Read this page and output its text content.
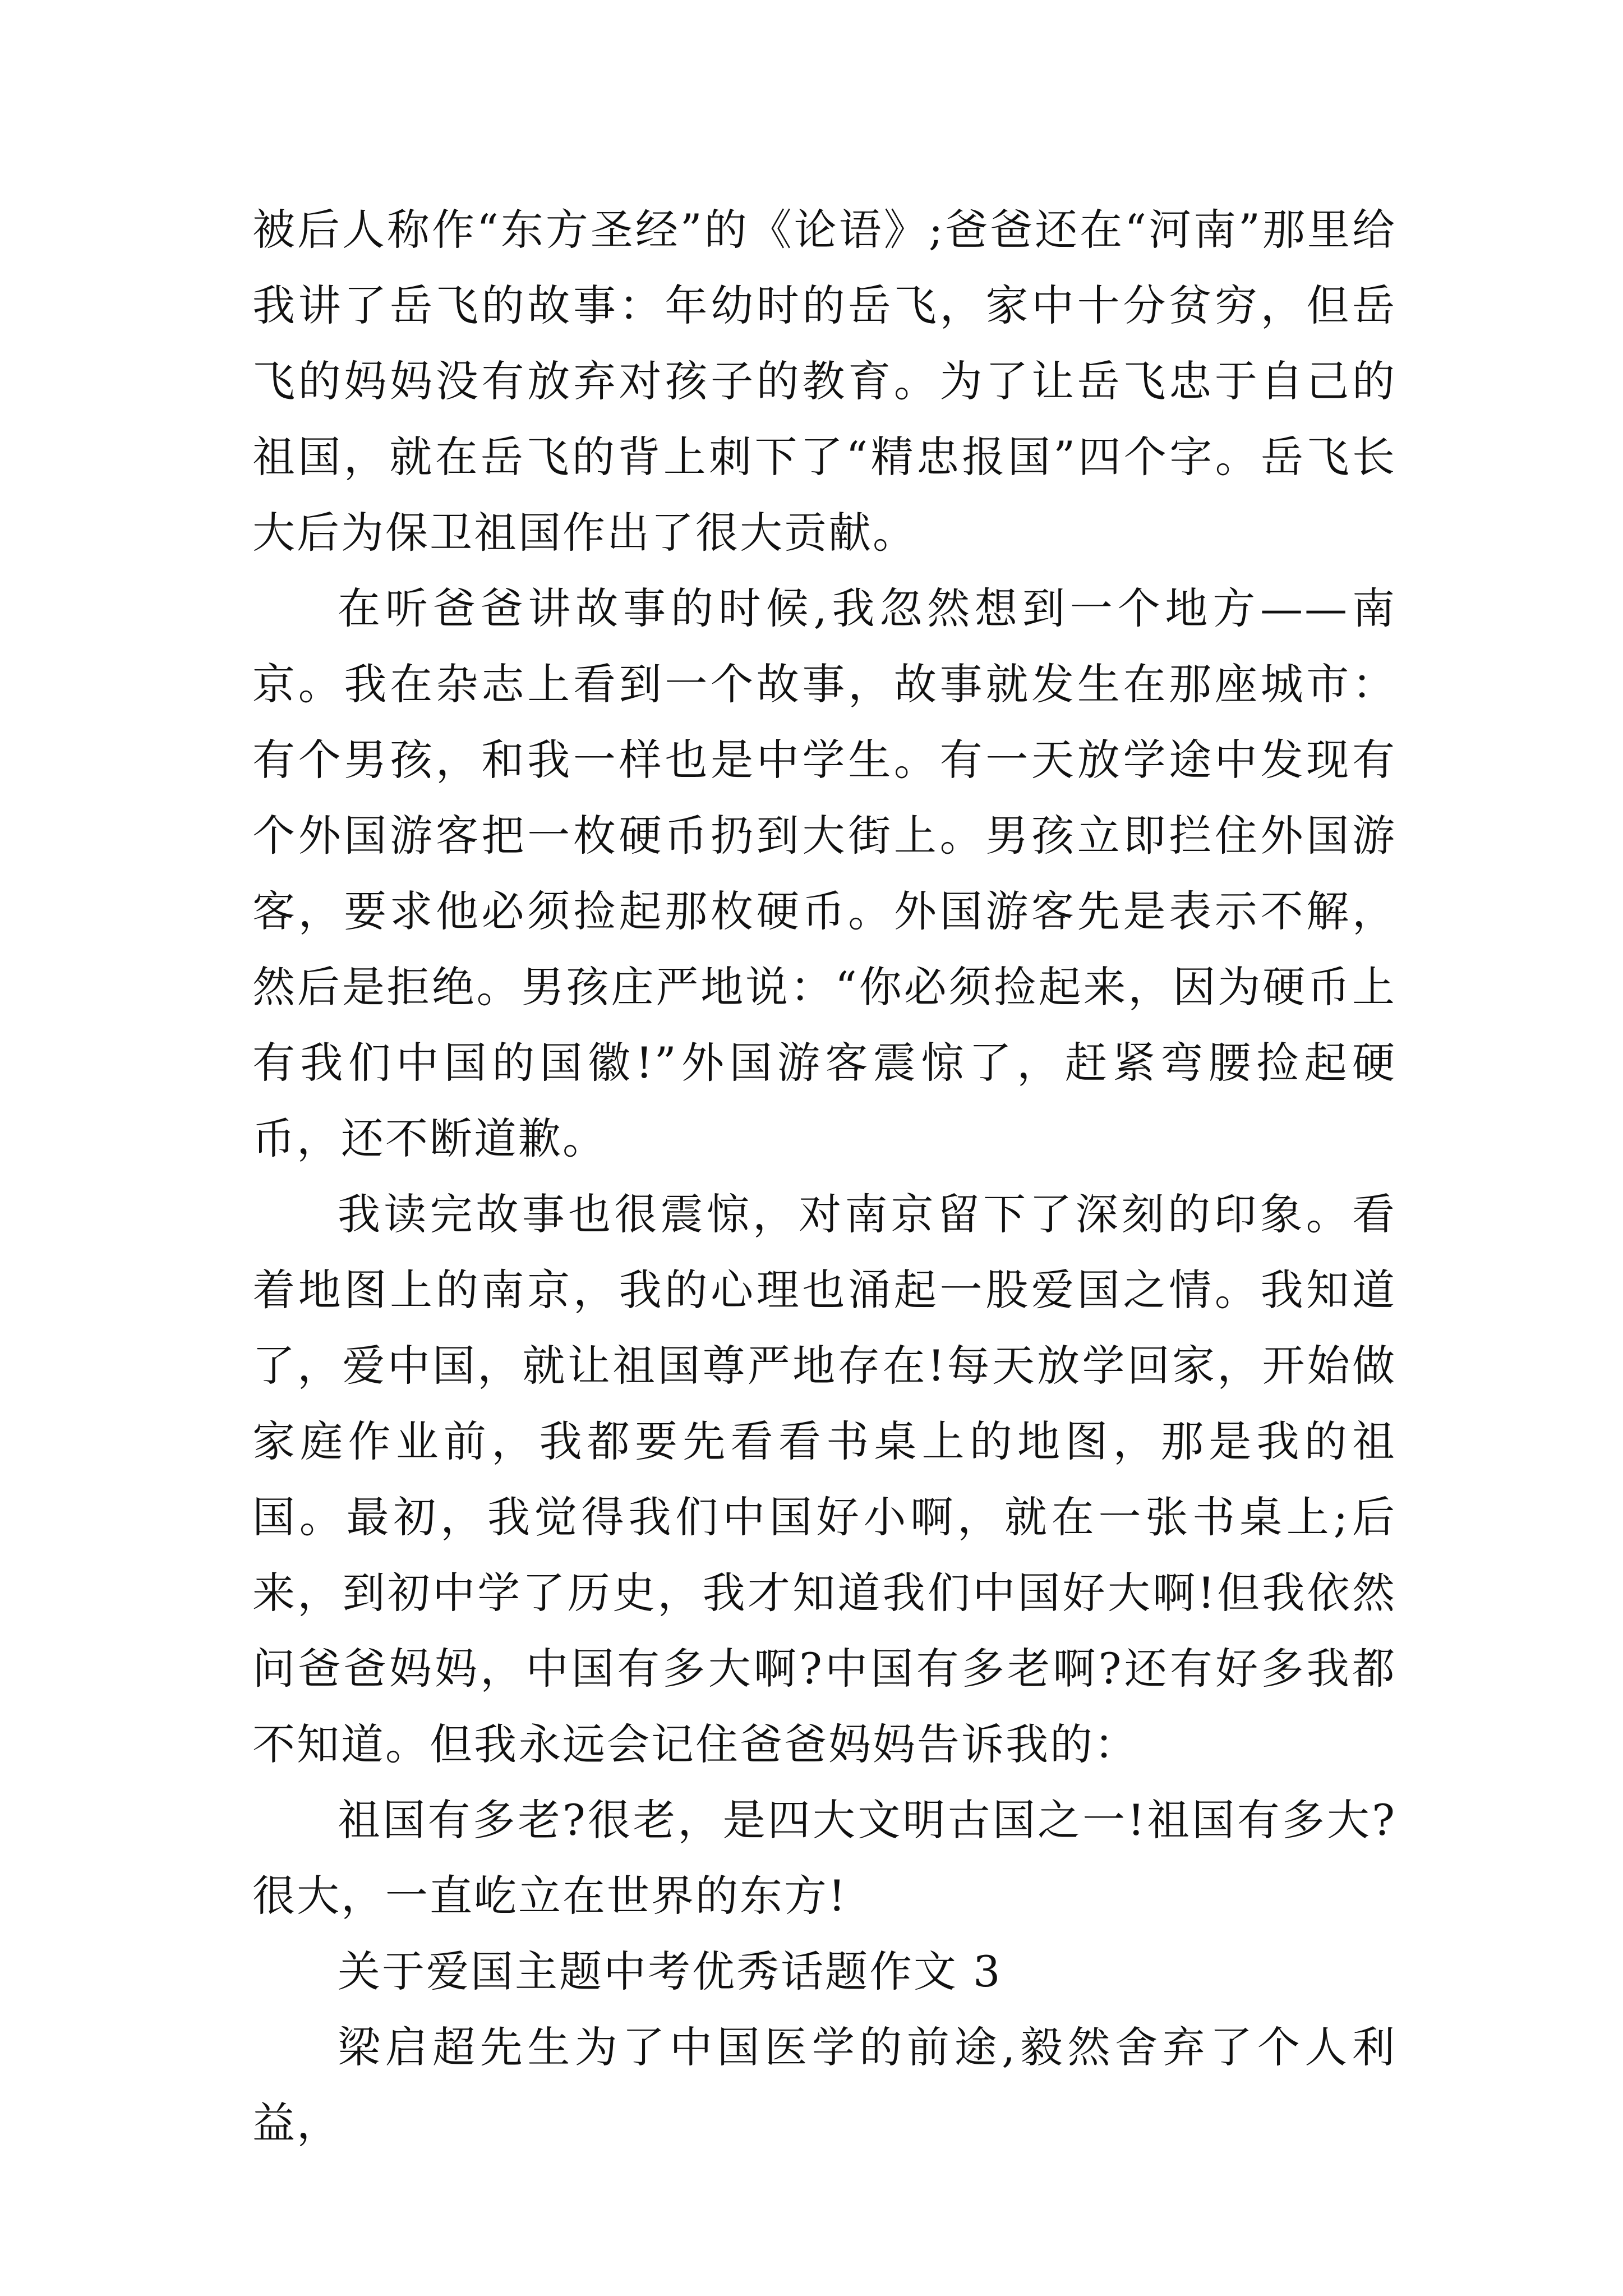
被后人称作“东方圣经”的《论语》;爸爸还在“河南”那里给我讲了岳飞的故事：年幼时的岳飞，家中十分贫穷，但岳飞的妈妈没有放弃对孩子的教育。为了让岳飞忠于自己的祖国，就在岳飞的背上刺下了“精忠报国”四个字。岳飞长大后为保卫祖国作出了很大贡献。

在听爸爸讲故事的时候,我忽然想到一个地方——南京。我在杂志上看到一个故事，故事就发生在那座城市：有个男孩，和我一样也是中学生。有一天放学途中发现有个外国游客把一枚硬币扔到大街上。男孩立即拦住外国游客，要求他必须捡起那枚硬币。外国游客先是表示不解，然后是拒绝。男孩庄严地说：“你必须捡起来，因为硬币上有我们中国的国徽!”外国游客震惊了，赶紧弯腰捡起硬币，还不断道歉。

我读完故事也很震惊，对南京留下了深刻的印象。看着地图上的南京，我的心理也涌起一股爱国之情。我知道了，爱中国，就让祖国尊严地存在!每天放学回家，开始做家庭作业前，我都要先看看书桌上的地图，那是我的祖国。最初，我觉得我们中国好小啊，就在一张书桌上;后来，到初中学了历史，我才知道我们中国好大啊!但我依然问爸爸妈妈，中国有多大啊?中国有多老啊?还有好多我都不知道。但我永远会记住爸爸妈妈告诉我的：

祖国有多老?很老，是四大文明古国之一!祖国有多大?很大，一直屹立在世界的东方!

关于爱国主题中考优秀话题作文 3

梁启超先生为了中国医学的前途,毅然舍弃了个人利益，
